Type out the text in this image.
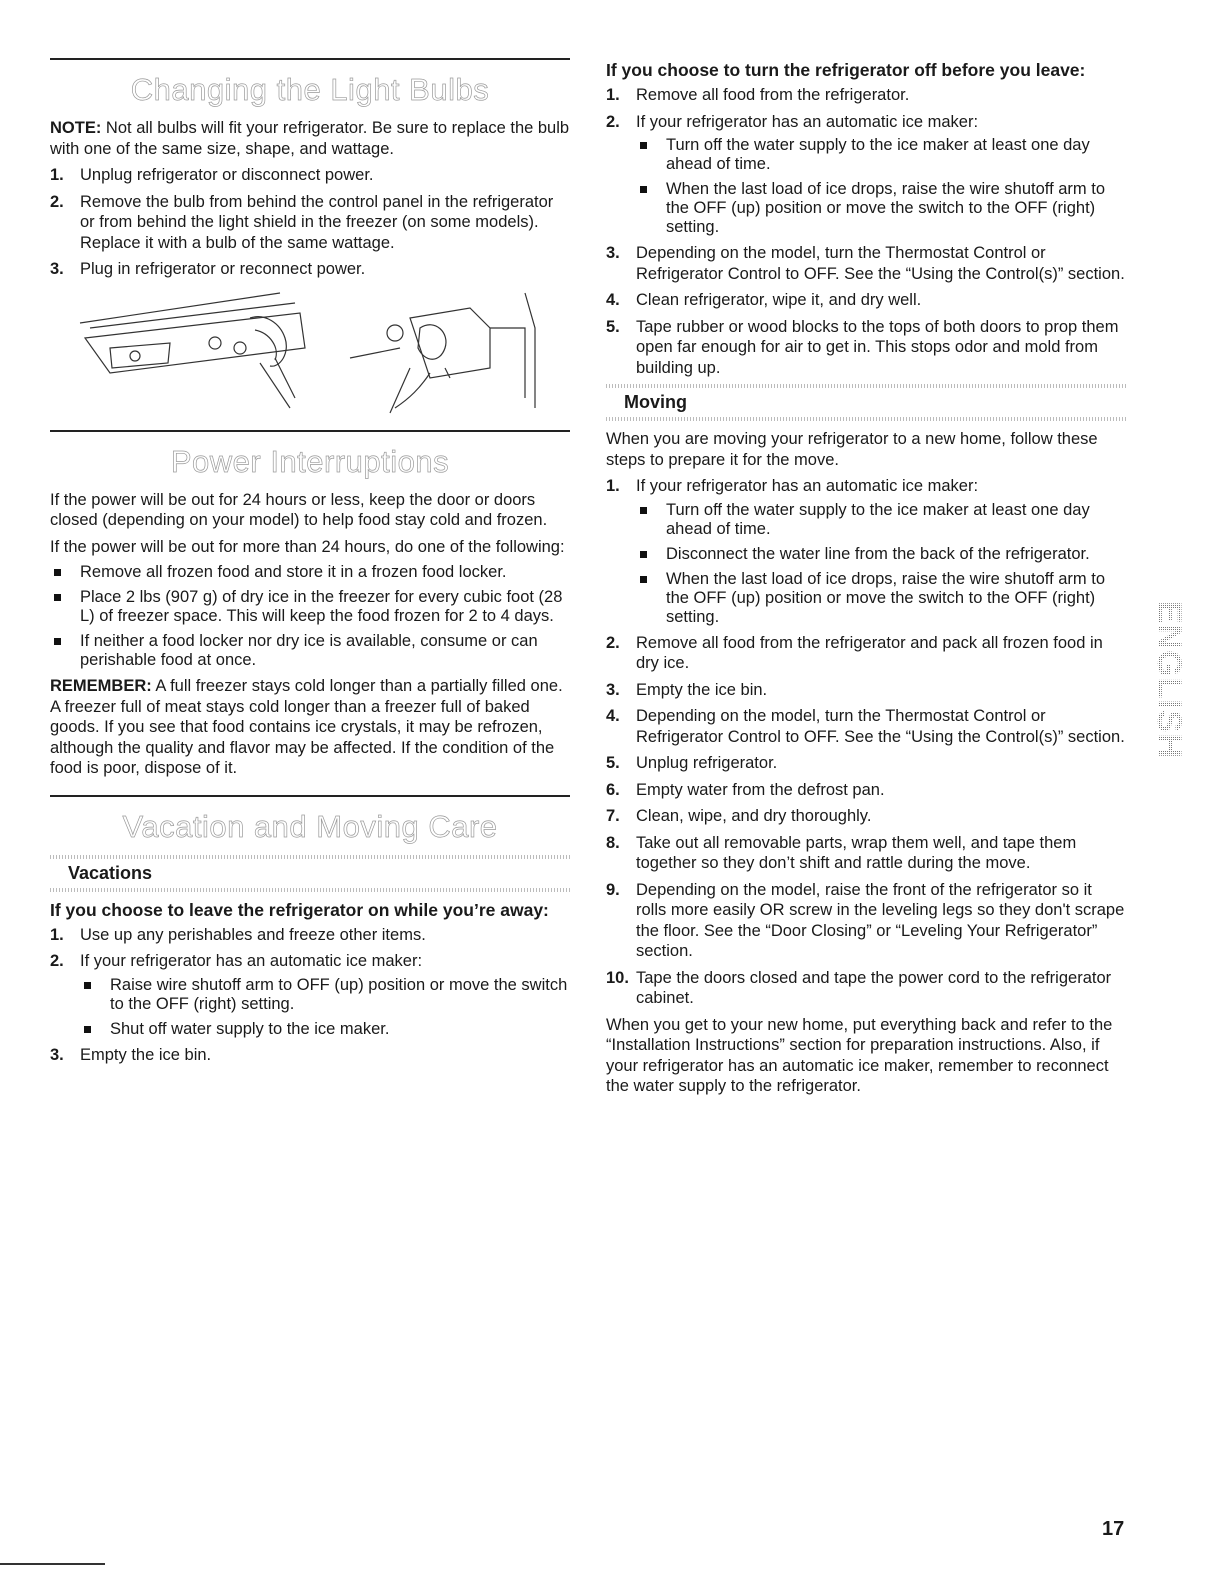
Changing the Light Bulbs

NOTE: Not all bulbs will fit your refrigerator. Be sure to replace the bulb with one of the same size, shape, and wattage.

1. Unplug refrigerator or disconnect power.
2. Remove the bulb from behind the control panel in the refrigerator or from behind the light shield in the freezer (on some models). Replace it with a bulb of the same wattage.
3. Plug in refrigerator or reconnect power.
Power Interruptions

If the power will be out for 24 hours or less, keep the door or doors closed (depending on your model) to help food stay cold and frozen.

If the power will be out for more than 24 hours, do one of the following:

Remove all frozen food and store it in a frozen food locker.
Place 2 lbs (907 g) of dry ice in the freezer for every cubic foot (28 L) of freezer space. This will keep the food frozen for 2 to 4 days.
If neither a food locker nor dry ice is available, consume or can perishable food at once.

REMEMBER: A full freezer stays cold longer than a partially filled one. A freezer full of meat stays cold longer than a freezer full of baked goods. If you see that food contains ice crystals, it may be refrozen, although the quality and flavor may be affected. If the condition of the food is poor, dispose of it.

Vacation and Moving Care
Vacations
If you choose to leave the refrigerator on while you’re away:
1. Use up any perishables and freeze other items.
2. If your refrigerator has an automatic ice maker:
Raise wire shutoff arm to OFF (up) position or move the switch to the OFF (right) setting.
Shut off water supply to the ice maker.
3. Empty the ice bin.
If you choose to turn the refrigerator off before you leave:
1. Remove all food from the refrigerator.
2. If your refrigerator has an automatic ice maker:
Turn off the water supply to the ice maker at least one day ahead of time.
When the last load of ice drops, raise the wire shutoff arm to the OFF (up) position or move the switch to the OFF (right) setting.
3. Depending on the model, turn the Thermostat Control or Refrigerator Control to OFF. See the “Using the Control(s)” section.
4. Clean refrigerator, wipe it, and dry well.
5. Tape rubber or wood blocks to the tops of both doors to prop them open far enough for air to get in. This stops odor and mold from building up.
Moving

When you are moving your refrigerator to a new home, follow these steps to prepare it for the move.

1. If your refrigerator has an automatic ice maker:
Turn off the water supply to the ice maker at least one day ahead of time.
Disconnect the water line from the back of the refrigerator.
When the last load of ice drops, raise the wire shutoff arm to the OFF (up) position or move the switch to the OFF (right) setting.
2. Remove all food from the refrigerator and pack all frozen food in dry ice.
3. Empty the ice bin.
4. Depending on the model, turn the Thermostat Control or Refrigerator Control to OFF. See the “Using the Control(s)” section.
5. Unplug refrigerator.
6. Empty water from the defrost pan.
7. Clean, wipe, and dry thoroughly.
8. Take out all removable parts, wrap them well, and tape them together so they don’t shift and rattle during the move.
9. Depending on the model, raise the front of the refrigerator so it rolls more easily OR screw in the leveling legs so they don't scrape the floor. See the “Door Closing” or “Leveling Your Refrigerator” section.
10. Tape the doors closed and tape the power cord to the refrigerator cabinet.

When you get to your new home, put everything back and refer to the “Installation Instructions” section for preparation instructions. Also, if your refrigerator has an automatic ice maker, remember to reconnect the water supply to the refrigerator.

ENGLISH
17
